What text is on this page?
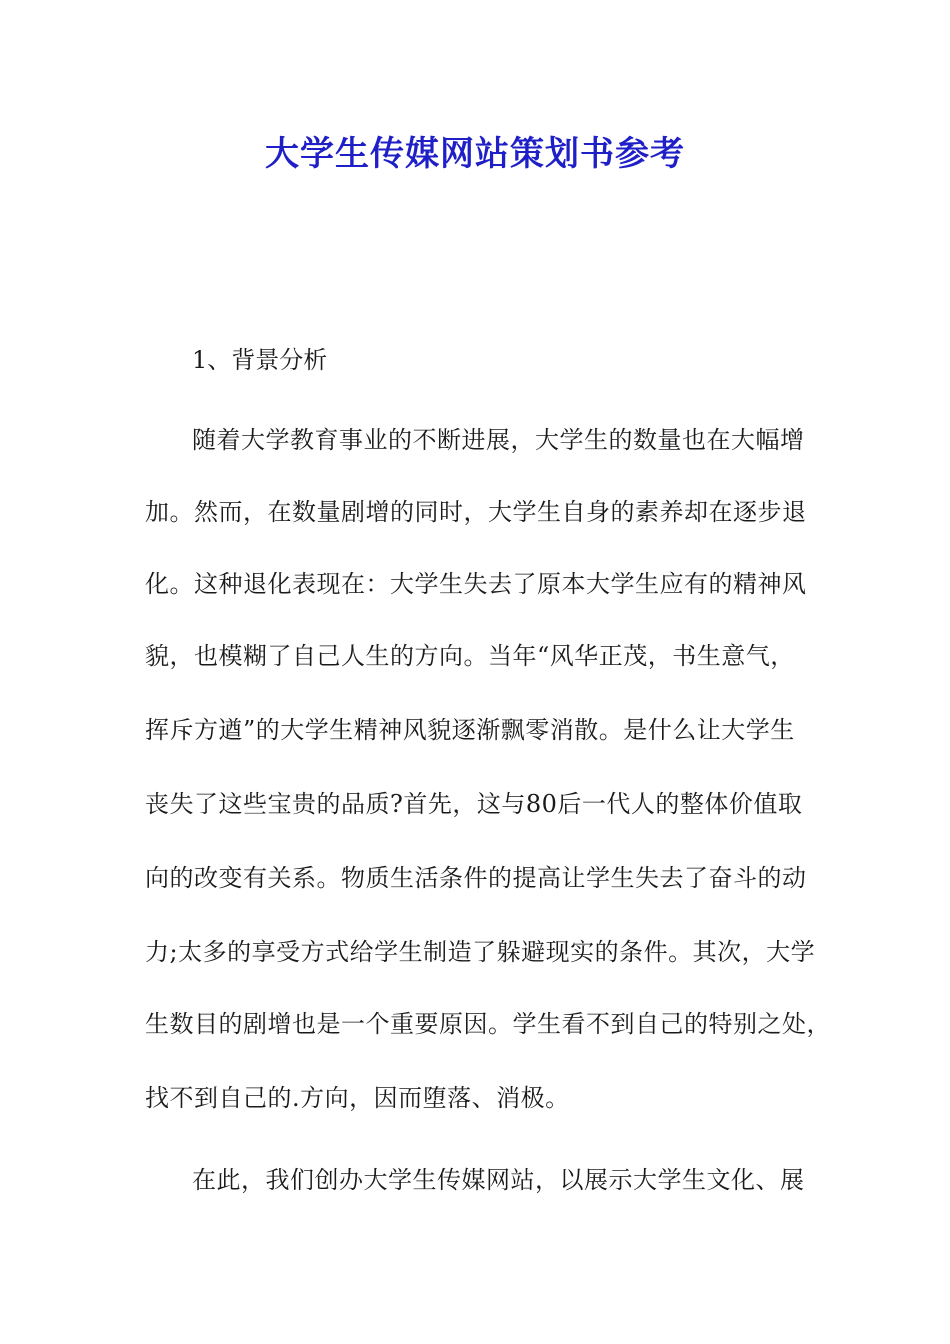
大学生传媒网站策划书参考
1、背景分析
随着大学教育事业的不断进展，大学生的数量也在大幅增
加。然而，在数量剧增的同时，大学生自身的素养却在逐步退
化。这种退化表现在：大学生失去了原本大学生应有的精神风
貌，也模糊了自己人生的方向。当年“风华正茂，书生意气，
挥斥方遒”的大学生精神风貌逐渐飘零消散。是什么让大学生
丧失了这些宝贵的品质?首先，这与80后一代人的整体价值取
向的改变有关系。物质生活条件的提高让学生失去了奋斗的动
力;太多的享受方式给学生制造了躲避现实的条件。其次，大学
生数目的剧增也是一个重要原因。学生看不到自己的特别之处，
找不到自己的.方向，因而堕落、消极。
在此，我们创办大学生传媒网站，以展示大学生文化、展
